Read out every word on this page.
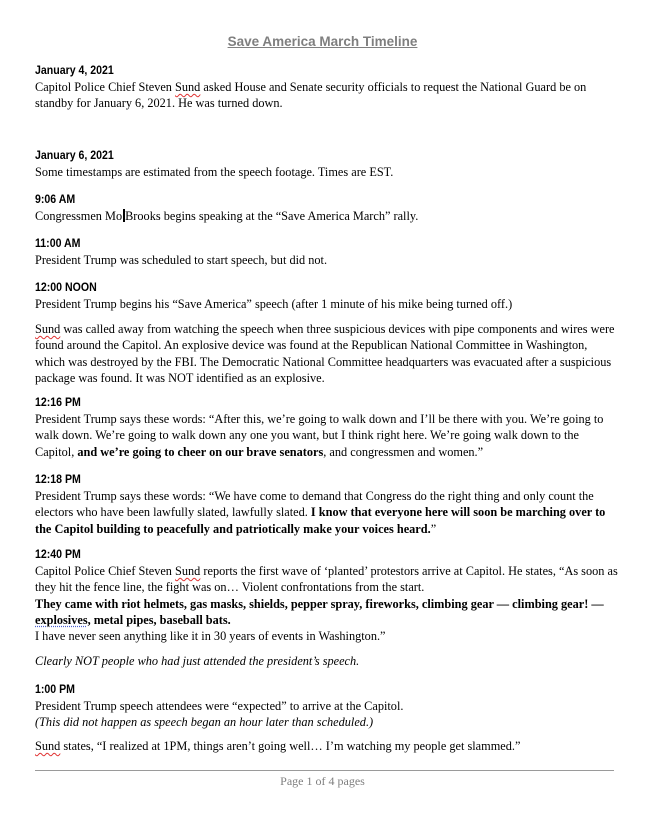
Save America March Timeline
January 4, 2021
Capitol Police Chief Steven Sund asked House and Senate security officials to request the National Guard be on standby for January 6, 2021. He was turned down.
January 6, 2021
Some timestamps are estimated from the speech footage. Times are EST.
9:06 AM
Congressmen Mo Brooks begins speaking at the “Save America March” rally.
11:00 AM
President Trump was scheduled to start speech, but did not.
12:00 NOON
President Trump begins his “Save America” speech (after 1 minute of his mike being turned off.)
Sund was called away from watching the speech when three suspicious devices with pipe components and wires were found around the Capitol. An explosive device was found at the Republican National Committee in Washington, which was destroyed by the FBI. The Democratic National Committee headquarters was evacuated after a suspicious package was found. It was NOT identified as an explosive.
12:16 PM
President Trump says these words: “After this, we’re going to walk down and I’ll be there with you. We’re going to walk down. We’re going to walk down any one you want, but I think right here. We’re going walk down to the Capitol, and we’re going to cheer on our brave senators, and congressmen and women.”
12:18 PM
President Trump says these words: “We have come to demand that Congress do the right thing and only count the electors who have been lawfully slated, lawfully slated. I know that everyone here will soon be marching over to the Capitol building to peacefully and patriotically make your voices heard.”
12:40 PM
Capitol Police Chief Steven Sund reports the first wave of ‘planted’ protestors arrive at Capitol. He states, “As soon as they hit the fence line, the fight was on… Violent confrontations from the start.
They came with riot helmets, gas masks, shields, pepper spray, fireworks, climbing gear — climbing gear! — explosives, metal pipes, baseball bats.
I have never seen anything like it in 30 years of events in Washington.”
Clearly NOT people who had just attended the president’s speech.
1:00 PM
President Trump speech attendees were “expected” to arrive at the Capitol.
(This did not happen as speech began an hour later than scheduled.)
Sund states, “I realized at 1PM, things aren’t going well… I’m watching my people get slammed.”
Page 1 of 4 pages
